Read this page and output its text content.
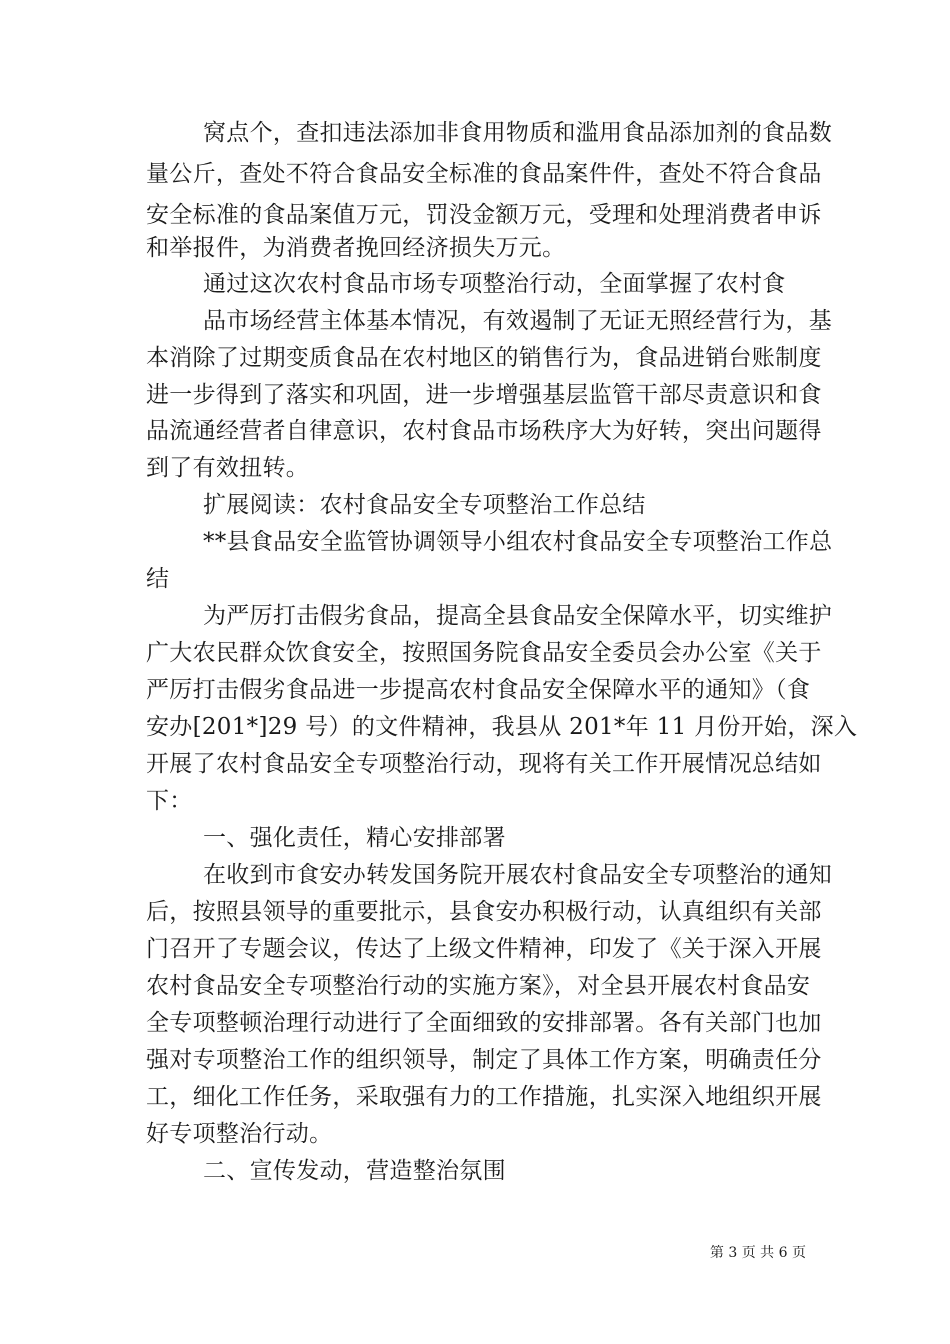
窝点个，查扣违法添加非食用物质和滥用食品添加剂的食品数
量公斤，查处不符合食品安全标准的食品案件件，查处不符合食品
安全标准的食品案值万元，罚没金额万元，受理和处理消费者申诉
和举报件，为消费者挽回经济损失万元。
通过这次农村食品市场专项整治行动，全面掌握了农村食
品市场经营主体基本情况，有效遏制了无证无照经营行为，基
本消除了过期变质食品在农村地区的销售行为，食品进销台账制度
进一步得到了落实和巩固，进一步增强基层监管干部尽责意识和食
品流通经营者自律意识，农村食品市场秩序大为好转，突出问题得
到了有效扭转。
扩展阅读：农村食品安全专项整治工作总结
**县食品安全监管协调领导小组农村食品安全专项整治工作总
结
为严厉打击假劣食品，提高全县食品安全保障水平，切实维护
广大农民群众饮食安全，按照国务院食品安全委员会办公室《关于
严厉打击假劣食品进一步提高农村食品安全保障水平的通知》（食
安办[201*]29 号）的文件精神，我县从 201*年 11 月份开始，深入
开展了农村食品安全专项整治行动，现将有关工作开展情况总结如
下：
一、强化责任，精心安排部署
在收到市食安办转发国务院开展农村食品安全专项整治的通知
后，按照县领导的重要批示，县食安办积极行动，认真组织有关部
门召开了专题会议，传达了上级文件精神，印发了《关于深入开展
农村食品安全专项整治行动的实施方案》，对全县开展农村食品安
全专项整顿治理行动进行了全面细致的安排部署。各有关部门也加
强对专项整治工作的组织领导，制定了具体工作方案，明确责任分
工，细化工作任务，采取强有力的工作措施，扎实深入地组织开展
好专项整治行动。
二、宣传发动，营造整治氛围
第 3 页 共 6 页
